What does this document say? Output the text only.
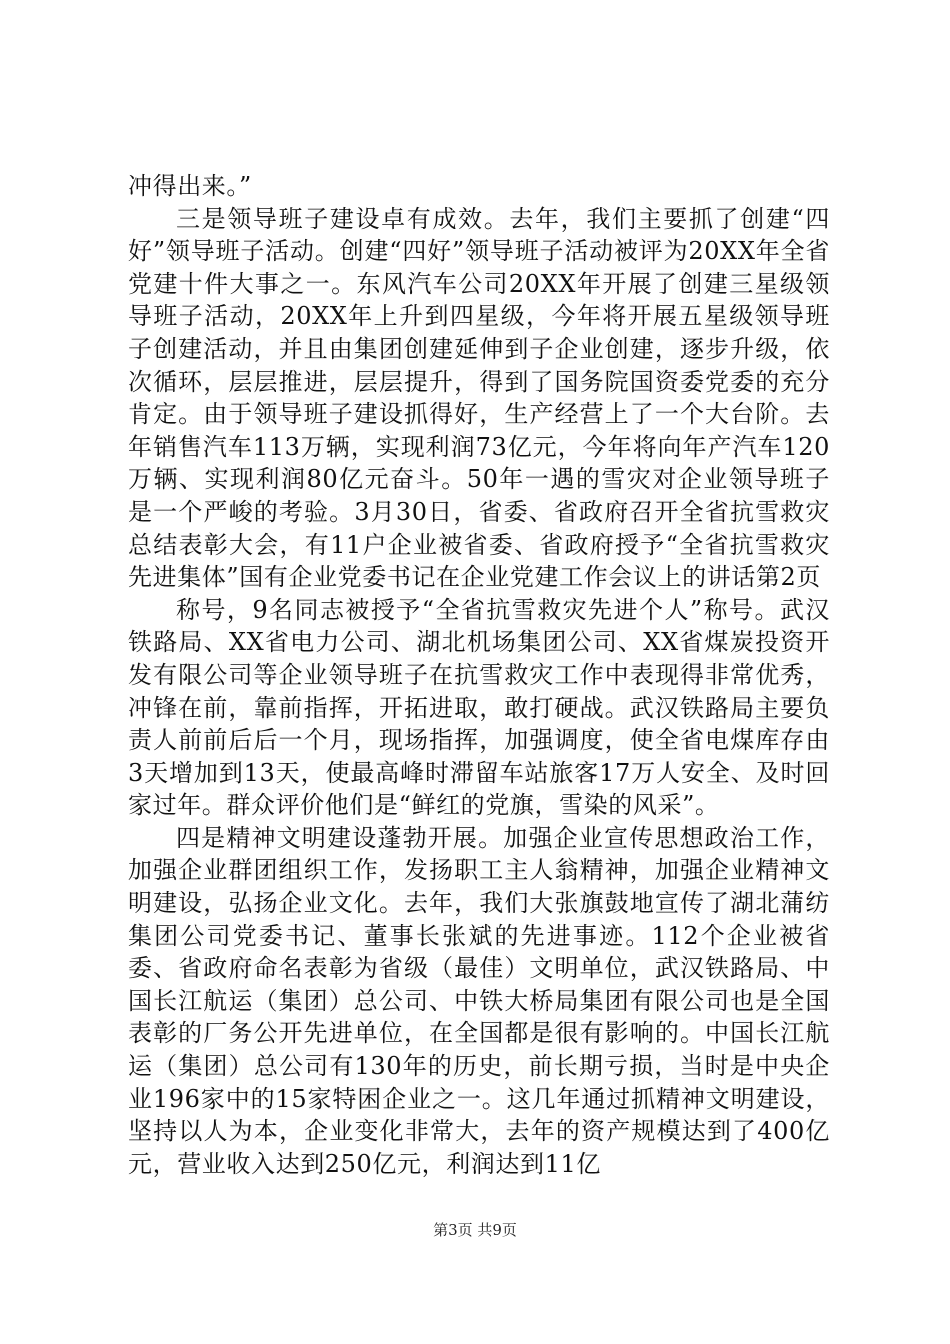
冲得出来。”

三是领导班子建设卓有成效。去年，我们主要抓了创建“四好”领导班子活动。创建“四好”领导班子活动被评为20XX年全省党建十件大事之一。东风汽车公司20XX年开展了创建三星级领导班子活动，20XX年上升到四星级，今年将开展五星级领导班子创建活动，并且由集团创建延伸到子企业创建，逐步升级，依次循环，层层推进，层层提升，得到了国务院国资委党委的充分肯定。由于领导班子建设抓得好，生产经营上了一个大台阶。去年销售汽车113万辆，实现利润73亿元，今年将向年产汽车120万辆、实现利润80亿元奋斗。50年一遇的雪灾对企业领导班子是一个严峻的考验。3月30日，省委、省政府召开全省抗雪救灾总结表彰大会，有11户企业被省委、省政府授予“全省抗雪救灾先进集体”国有企业党委书记在企业党建工作会议上的讲话第2页

称号，9名同志被授予“全省抗雪救灾先进个人”称号。武汉铁路局、XX省电力公司、湖北机场集团公司、XX省煤炭投资开发有限公司等企业领导班子在抗雪救灾工作中表现得非常优秀，冲锋在前，靠前指挥，开拓进取，敢打硬战。武汉铁路局主要负责人前前后后一个月，现场指挥，加强调度，使全省电煤库存由3天增加到13天，使最高峰时滞留车站旅客17万人安全、及时回家过年。群众评价他们是“鲜红的党旗，雪染的风采”。

四是精神文明建设蓬勃开展。加强企业宣传思想政治工作，加强企业群团组织工作，发扬职工主人翁精神，加强企业精神文明建设，弘扬企业文化。去年，我们大张旗鼓地宣传了湖北蒲纺集团公司党委书记、董事长张斌的先进事迹。112个企业被省委、省政府命名表彰为省级（最佳）文明单位，武汉铁路局、中国长江航运（集团）总公司、中铁大桥局集团有限公司也是全国表彰的厂务公开先进单位，在全国都是很有影响的。中国长江航运（集团）总公司有130年的历史，前长期亏损，当时是中央企业196家中的15家特困企业之一。这几年通过抓精神文明建设，坚持以人为本，企业变化非常大，去年的资产规模达到了400亿元，营业收入达到250亿元，利润达到11亿

第3页 共9页
